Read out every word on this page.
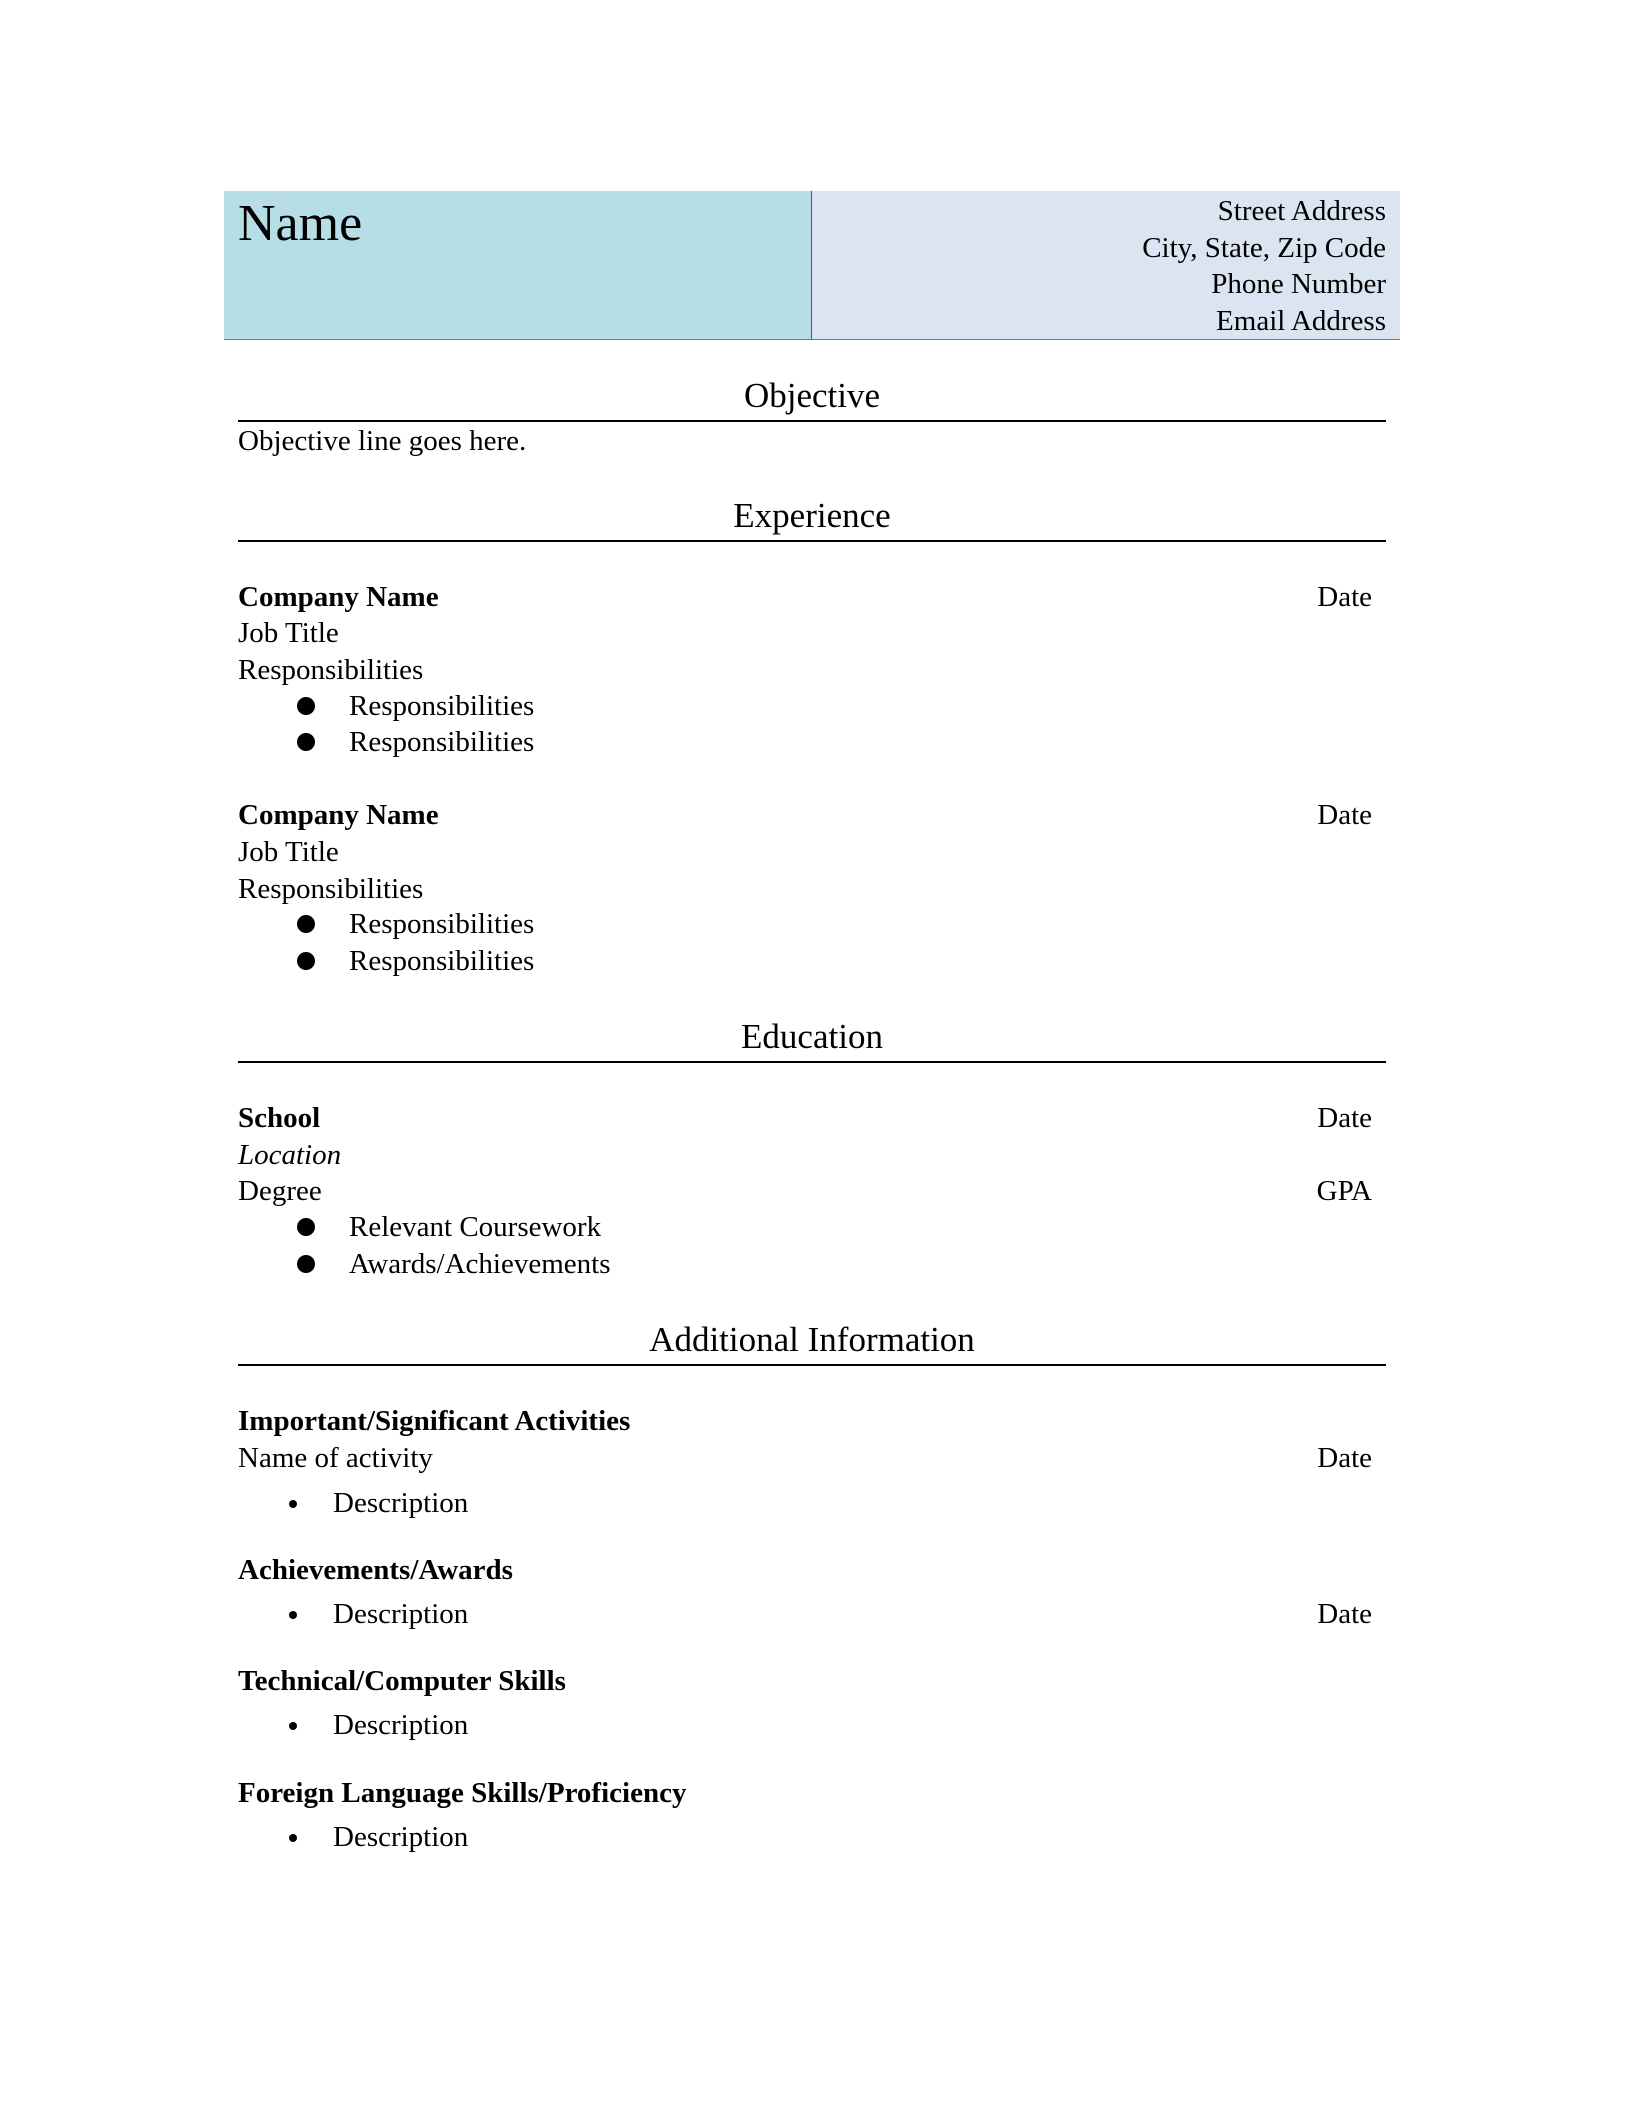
Name	Street Address
City, State, Zip Code
Phone Number
Email Address
Objective
Objective line goes here.
Experience
Company Name	Date
Job Title
Responsibilities
Responsibilities
Responsibilities
Company Name	Date
Job Title
Responsibilities
Responsibilities
Responsibilities
Education
School	Date
Location
Degree	GPA
Relevant Coursework
Awards/Achievements
Additional Information
Important/Significant Activities
Name of activity	Date
Description
Achievements/Awards
Description	Date
Technical/Computer Skills
Description
Foreign Language Skills/Proficiency
Description
